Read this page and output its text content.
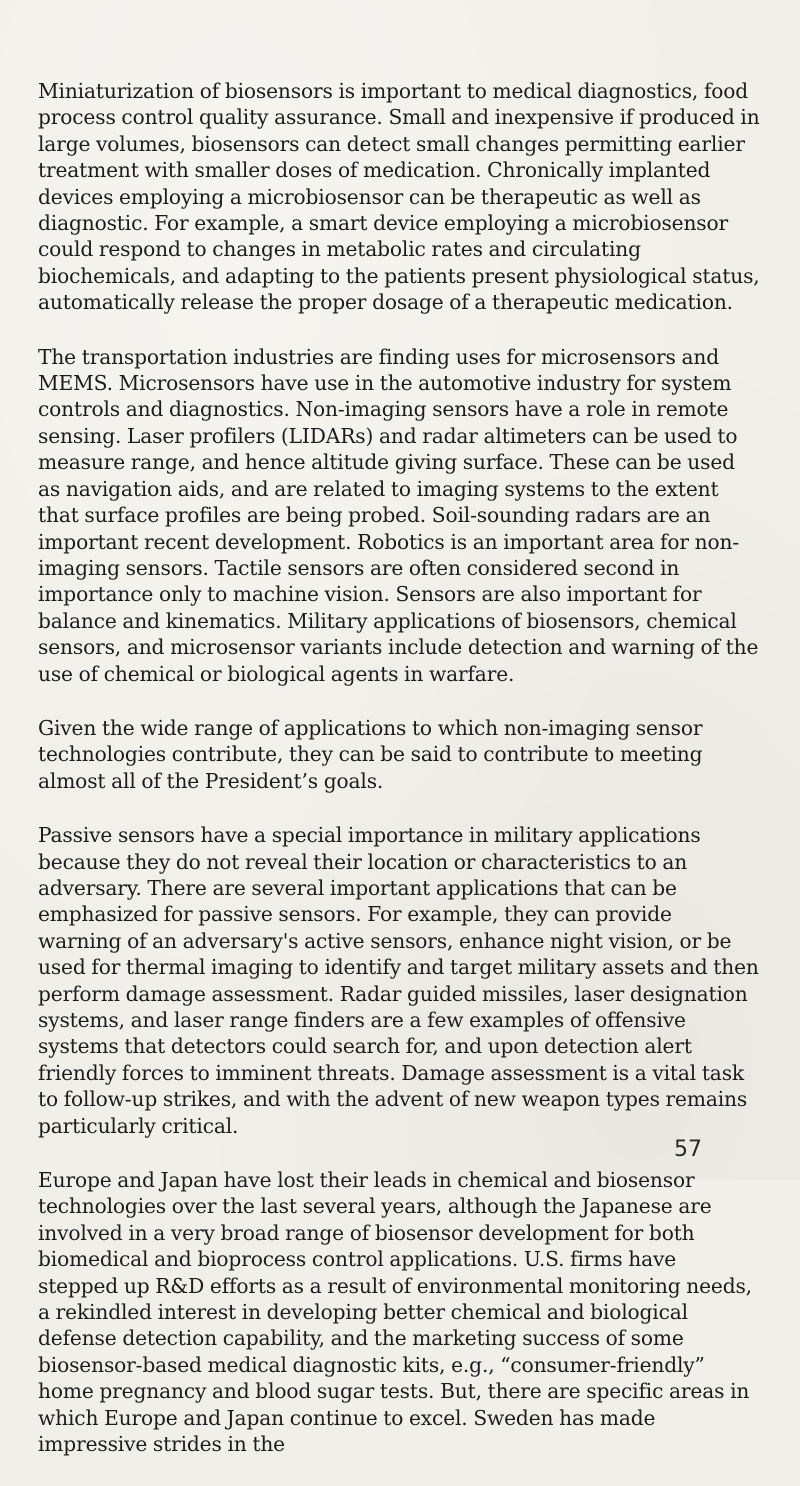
Miniaturization of biosensors is important to medical diagnostics, food process control quality assurance. Small and inexpensive if produced in large volumes, biosensors can detect small changes permitting earlier treatment with smaller doses of medication. Chronically implanted devices employing a microbiosensor can be therapeutic as well as diagnostic. For example, a smart device employing a microbiosensor could respond to changes in metabolic rates and circulating biochemicals, and adapting to the patients present physiological status, automatically release the proper dosage of a therapeutic medication.

The transportation industries are finding uses for microsensors and MEMS. Microsensors have use in the automotive industry for system controls and diagnostics. Non-imaging sensors have a role in remote sensing. Laser profilers (LIDARs) and radar altimeters can be used to measure range, and hence altitude giving surface. These can be used as navigation aids, and are related to imaging systems to the extent that surface profiles are being probed. Soil-sounding radars are an important recent development. Robotics is an important area for non-imaging sensors. Tactile sensors are often considered second in importance only to machine vision. Sensors are also important for balance and kinematics. Military applications of biosensors, chemical sensors, and microsensor variants include detection and warning of the use of chemical or biological agents in warfare.

Given the wide range of applications to which non-imaging sensor technologies contribute, they can be said to contribute to meeting almost all of the President’s goals.

Passive sensors have a special importance in military applications because they do not reveal their location or characteristics to an adversary. There are several important applications that can be emphasized for passive sensors. For example, they can provide warning of an adversary's active sensors, enhance night vision, or be used for thermal imaging to identify and target military assets and then perform damage assessment. Radar guided missiles, laser designation systems, and laser range finders are a few examples of offensive systems that detectors could search for, and upon detection alert friendly forces to imminent threats. Damage assessment is a vital task to follow-up strikes, and with the advent of new weapon types remains particularly critical.

Europe and Japan have lost their leads in chemical and biosensor technologies over the last several years, although the Japanese are involved in a very broad range of biosensor development for both biomedical and bioprocess control applications. U.S. firms have stepped up R&D efforts as a result of environmental monitoring needs, a rekindled interest in developing better chemical and biological defense detection capability, and the marketing success of some biosensor-based medical diagnostic kits, e.g., “consumer-friendly” home pregnancy and blood sugar tests. But, there are specific areas in which Europe and Japan continue to excel. Sweden has made impressive strides in the

57
